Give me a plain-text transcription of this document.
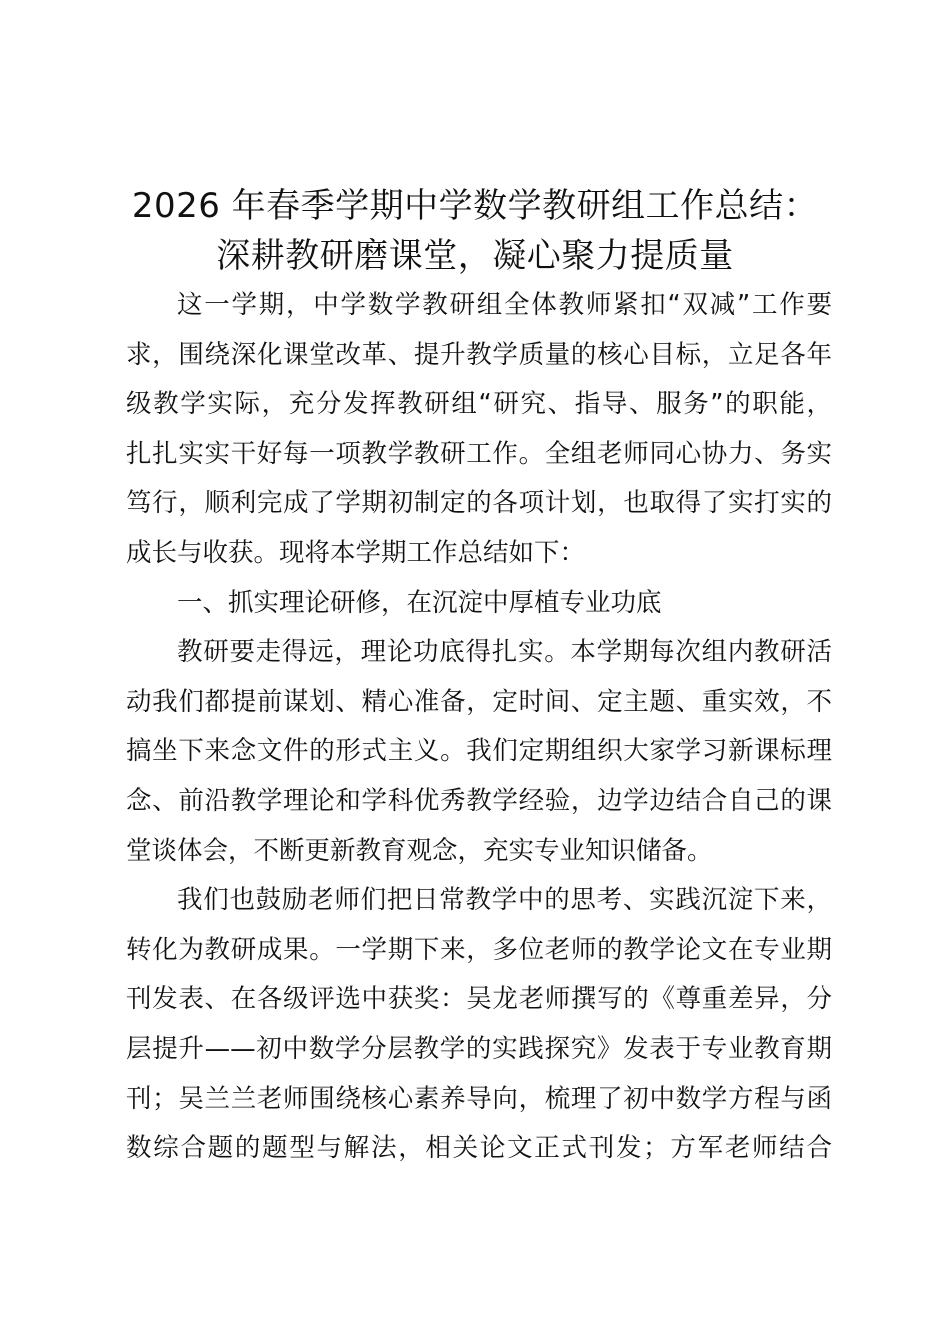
2026 年春季学期中学数学教研组工作总结：
深耕教研磨课堂，凝心聚力提质量
这一学期，中学数学教研组全体教师紧扣“双减”工作要
求，围绕深化课堂改革、提升教学质量的核心目标，立足各年
级教学实际，充分发挥教研组“研究、指导、服务”的职能，
扎扎实实干好每一项教学教研工作。全组老师同心协力、务实
笃行，顺利完成了学期初制定的各项计划，也取得了实打实的
成长与收获。现将本学期工作总结如下：
一、抓实理论研修，在沉淀中厚植专业功底
教研要走得远，理论功底得扎实。本学期每次组内教研活
动我们都提前谋划、精心准备，定时间、定主题、重实效，不
搞坐下来念文件的形式主义。我们定期组织大家学习新课标理
念、前沿教学理论和学科优秀教学经验，边学边结合自己的课
堂谈体会，不断更新教育观念，充实专业知识储备。
我们也鼓励老师们把日常教学中的思考、实践沉淀下来，
转化为教研成果。一学期下来，多位老师的教学论文在专业期
刊发表、在各级评选中获奖：吴龙老师撰写的《尊重差异，分
层提升——初中数学分层教学的实践探究》发表于专业教育期
刊；吴兰兰老师围绕核心素养导向，梳理了初中数学方程与函
数综合题的题型与解法，相关论文正式刊发；方军老师结合
